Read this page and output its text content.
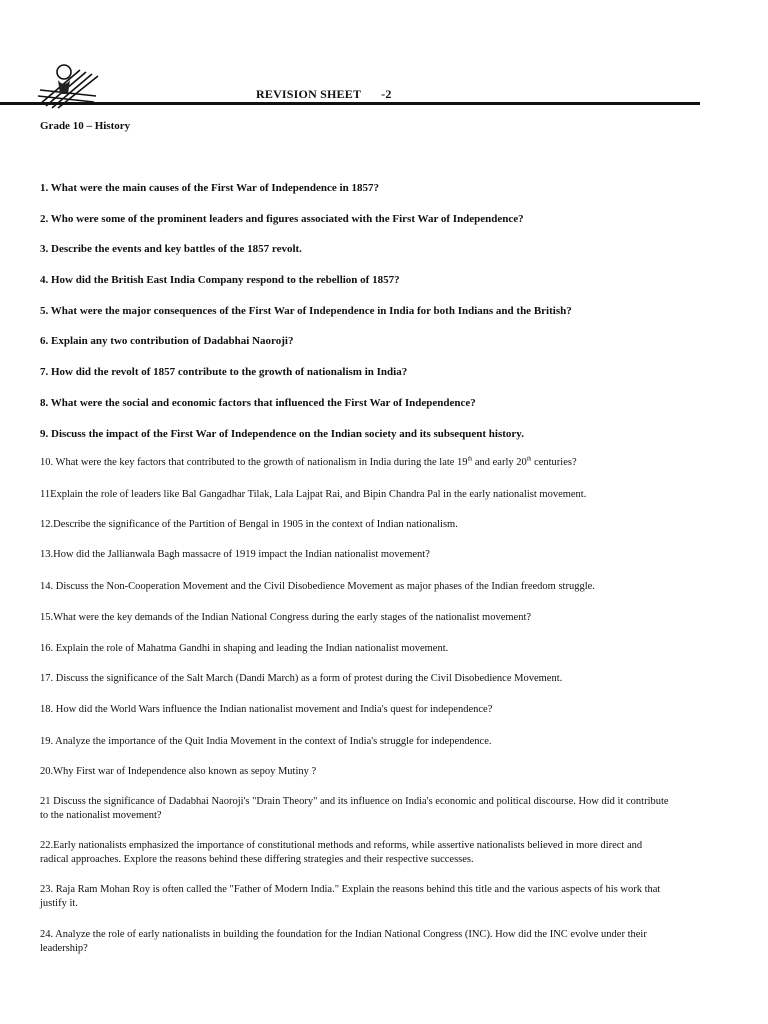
REVISION SHEET -2
Grade 10 – History
1. What were the main causes of the First War of Independence in 1857?
2. Who were some of the prominent leaders and figures associated with the First War of Independence?
3. Describe the events and key battles of the 1857 revolt.
4. How did the British East India Company respond to the rebellion of 1857?
5. What were the major consequences of the First War of Independence in India for both Indians and the British?
6. Explain any two contribution of Dadabhai Naoroji?
7. How did the revolt of 1857 contribute to the growth of nationalism in India?
8. What were the social and economic factors that influenced the First War of Independence?
9. Discuss the impact of the First War of Independence on the Indian society and its subsequent history.
10. What were the key factors that contributed to the growth of nationalism in India during the late 19th and early 20th centuries?
11Explain the role of leaders like Bal Gangadhar Tilak, Lala Lajpat Rai, and Bipin Chandra Pal in the early nationalist movement.
12.Describe the significance of the Partition of Bengal in 1905 in the context of Indian nationalism.
13.How did the Jallianwala Bagh massacre of 1919 impact the Indian nationalist movement?
14. Discuss the Non-Cooperation Movement and the Civil Disobedience Movement as major phases of the Indian freedom struggle.
15.What were the key demands of the Indian National Congress during the early stages of the nationalist movement?
16. Explain the role of Mahatma Gandhi in shaping and leading the Indian nationalist movement.
17. Discuss the significance of the Salt March (Dandi March) as a form of protest during the Civil Disobedience Movement.
18. How did the World Wars influence the Indian nationalist movement and India's quest for independence?
19. Analyze the importance of the Quit India Movement in the context of India's struggle for independence.
20.Why First war of Independence also known as sepoy Mutiny ?
21 Discuss the significance of Dadabhai Naoroji's "Drain Theory" and its influence on India's economic and political discourse. How did it contribute to the nationalist movement?
22.Early nationalists emphasized the importance of constitutional methods and reforms, while assertive nationalists believed in more direct and radical approaches. Explore the reasons behind these differing strategies and their respective successes.
23. Raja Ram Mohan Roy is often called the "Father of Modern India." Explain the reasons behind this title and the various aspects of his work that justify it.
24. Analyze the role of early nationalists in building the foundation for the Indian National Congress (INC). How did the INC evolve under their leadership?
